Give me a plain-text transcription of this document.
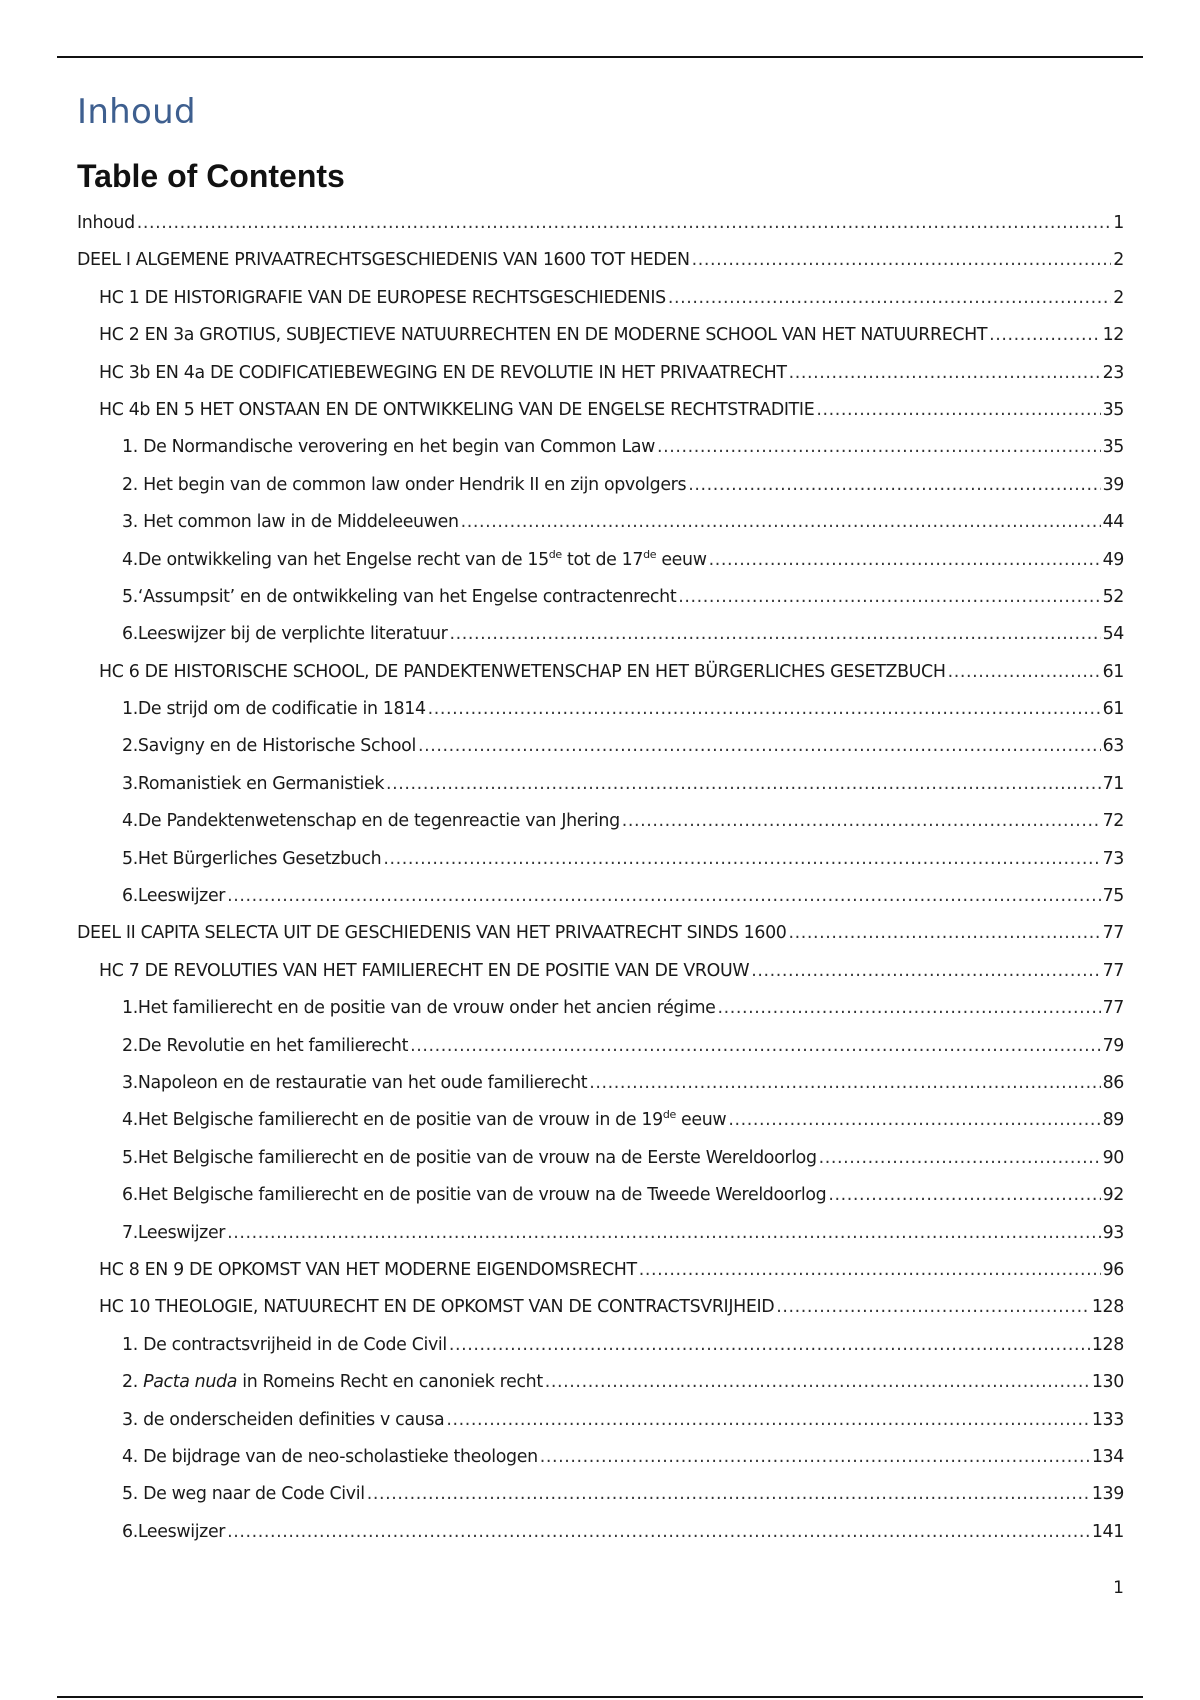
Inhoud
Table of Contents
Inhoud .....	1
DEEL I ALGEMENE PRIVAATRECHTSGESCHIEDENIS VAN 1600 TOT HEDEN .....	2
HC 1 DE HISTORIGRAFIE VAN DE EUROPESE RECHTSGESCHIEDENIS .....	2
HC 2 EN 3a GROTIUS, SUBJECTIEVE NATUURRECHTEN EN DE MODERNE SCHOOL VAN HET NATUURRECHT .....	12
HC 3b EN 4a DE CODIFICATIEBEWEGING EN DE REVOLUTIE IN HET PRIVAATRECHT .....	23
HC 4b EN 5 HET ONSTAAN EN DE ONTWIKKELING VAN DE ENGELSE RECHTSTRADITIE .....	35
1. De Normandische verovering en het begin van Common Law .....	35
2. Het begin van de common law onder Hendrik II en zijn opvolgers .....	39
3. Het common law in de Middeleeuwen .....	44
4.De ontwikkeling van het Engelse recht van de 15de tot de 17de eeuw .....	49
5.‘Assumpsit’ en de ontwikkeling van het Engelse contractenrecht .....	52
6.Leeswijzer bij de verplichte literatuur .....	54
HC 6 DE HISTORISCHE SCHOOL, DE PANDEKTENWETENSCHAP EN HET BÜRGERLICHES GESETZBUCH .....	61
1.De strijd om de codificatie in 1814 .....	61
2.Savigny en de Historische School .....	63
3.Romanistiek en Germanistiek .....	71
4.De Pandektenwetenschap en de tegenreactie van Jhering .....	72
5.Het Bürgerliches Gesetzbuch .....	73
6.Leeswijzer .....	75
DEEL II CAPITA SELECTA UIT DE GESCHIEDENIS VAN HET PRIVAATRECHT SINDS 1600 .....	77
HC 7 DE REVOLUTIES VAN HET FAMILIERECHT EN DE POSITIE VAN DE VROUW .....	77
1.Het familierecht en de positie van de vrouw onder het ancien régime .....	77
2.De Revolutie en het familierecht .....	79
3.Napoleon en de restauratie van het oude familierecht .....	86
4.Het Belgische familierecht en de positie van de vrouw in de 19de eeuw .....	89
5.Het Belgische familierecht en de positie van de vrouw na de Eerste Wereldoorlog .....	90
6.Het Belgische familierecht en de positie van de vrouw na de Tweede Wereldoorlog .....	92
7.Leeswijzer .....	93
HC 8 EN 9 DE OPKOMST VAN HET MODERNE EIGENDOMSRECHT .....	96
HC 10 THEOLOGIE, NATUURECHT EN DE OPKOMST VAN DE CONTRACTSVRIJHEID .....	128
1. De contractsvrijheid in de Code Civil .....	128
2. Pacta nuda in Romeins Recht en canoniek recht .....	130
3. de onderscheiden definities v causa .....	133
4. De bijdrage van de neo-scholastieke theologen .....	134
5. De weg naar de Code Civil .....	139
6.Leeswijzer .....	141
1
